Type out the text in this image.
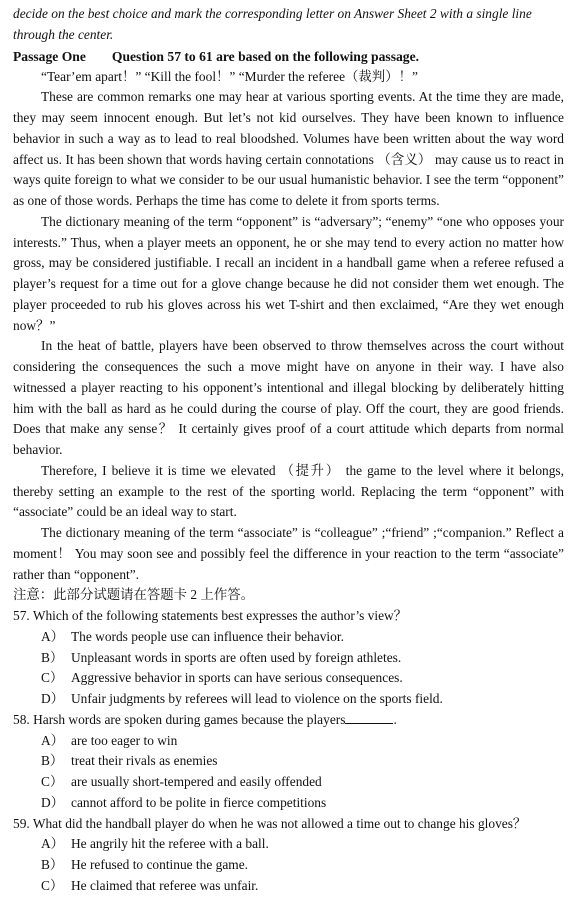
decide on the best choice and mark the corresponding letter on Answer Sheet 2 with a single line

through the center.

Passage One Question 57 to 61 are based on the following passage.

“Tear’em apart！” “Kill the fool！” “Murder the referee（裁判）！”

These are common remarks one may hear at various sporting events. At the time they are made, they may seem innocent enough. But let’s not kid ourselves. They have been known to influence behavior in such a way as to lead to real bloodshed. Volumes have been written about the way word affect us. It has been shown that words having certain connotations （含义） may cause us to react in ways quite foreign to what we consider to be our usual humanistic behavior. I see the term “opponent” as one of those words. Perhaps the time has come to delete it from sports terms.

The dictionary meaning of the term “opponent” is “adversary”; “enemy” “one who opposes your interests.” Thus, when a player meets an opponent, he or she may tend to every action no matter how gross, may be considered justifiable. I recall an incident in a handball game when a referee refused a player’s request for a time out for a glove change because he did not consider them wet enough. The player proceeded to rub his gloves across his wet T-shirt and then exclaimed, “Are they wet enough now？”

In the heat of battle, players have been observed to throw themselves across the court without considering the consequences the such a move might have on anyone in their way. I have also witnessed a player reacting to his opponent’s intentional and illegal blocking by deliberately hitting him with the ball as hard as he could during the course of play. Off the court, they are good friends. Does that make any sense？ It certainly gives proof of a court attitude which departs from normal behavior.

Therefore, I believe it is time we elevated （提升） the game to the level where it belongs, thereby setting an example to the rest of the sporting world. Replacing the term “opponent” with “associate” could be an ideal way to start.

The dictionary meaning of the term “associate” is “colleague” ;“friend” ;“companion.” Reflect a moment！ You may soon see and possibly feel the difference in your reaction to the term “associate” rather than “opponent”.

注意：此部分试题请在答题卡 2 上作答。

57. Which of the following statements best expresses the author’s view？

A） The words people use can influence their behavior.

B） Unpleasant words in sports are often used by foreign athletes.

C） Aggressive behavior in sports can have serious consequences.

D） Unfair judgments by referees will lead to violence on the sports field.

58. Harsh words are spoken during games because the players	.

A） are too eager to win

B） treat their rivals as enemies

C） are usually short-tempered and easily offended

D） cannot afford to be polite in fierce competitions

59. What did the handball player do when he was not allowed a time out to change his gloves？

A） He angrily hit the referee with a ball.

B） He refused to continue the game.

C） He claimed that referee was unfair.
